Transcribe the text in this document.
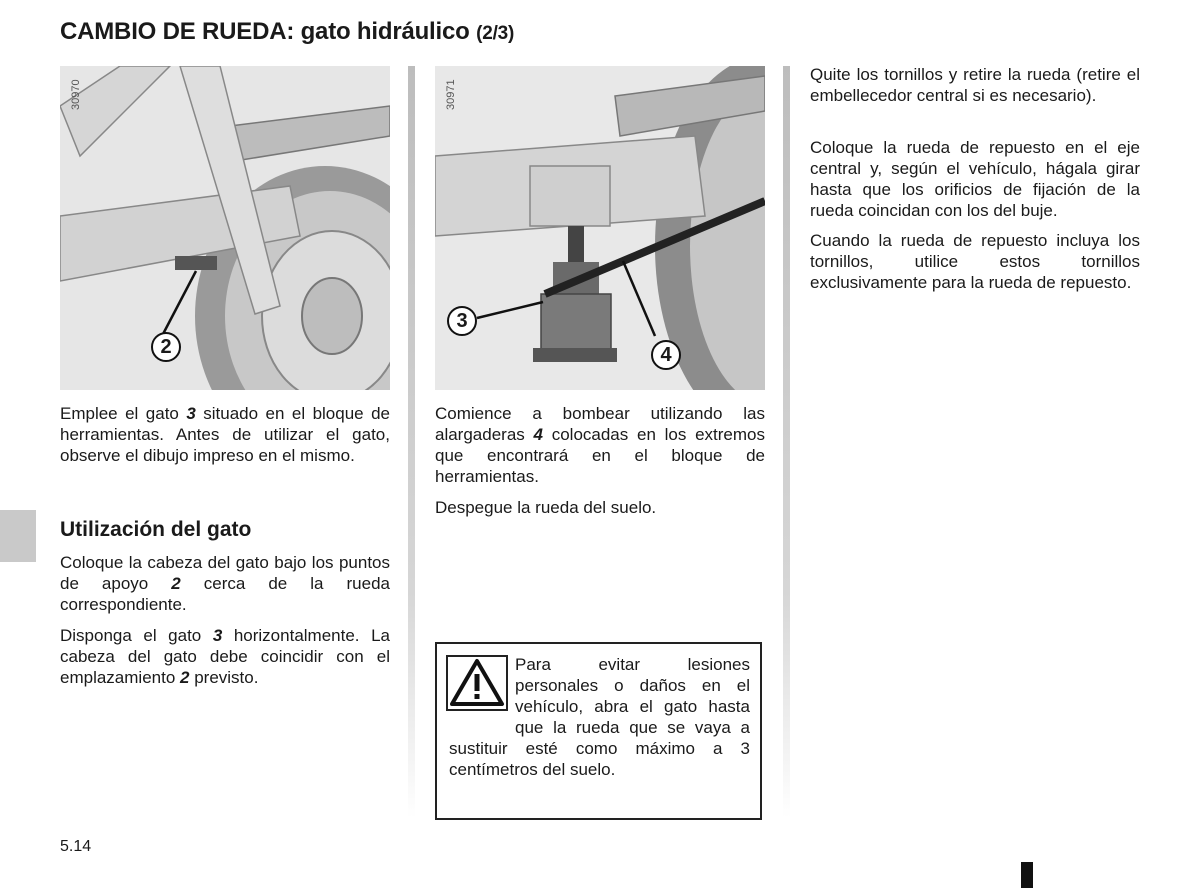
CAMBIO DE RUEDA: gato hidráulico (2/3)
30970
2
30971
3
4

Emplee el gato 3 situado en el bloque de herramientas. Antes de utilizar el gato, observe el dibujo impreso en el mismo.

Utilización del gato

Coloque la cabeza del gato bajo los puntos de apoyo 2 cerca de la rueda correspondiente.

Disponga el gato 3 horizontalmente. La cabeza del gato debe coincidir con el emplazamiento 2 previsto.

Comience a bombear utilizando las alargaderas 4 colocadas en los extremos que encontrará en el bloque de herramientas.

Despegue la rueda del suelo.

Para evitar lesiones personales o daños en el vehículo, abra el gato hasta que la rueda que se vaya a sustituir esté como máximo a 3 centímetros del suelo.

Quite los tornillos y retire la rueda (retire el embellecedor central si es necesario).

Coloque la rueda de repuesto en el eje central y, según el vehículo, hágala girar hasta que los orificios de fijación de la rueda coincidan con los del buje.

Cuando la rueda de repuesto incluya los tornillos, utilice estos tornillos exclusivamente para la rueda de repuesto.

5.14
